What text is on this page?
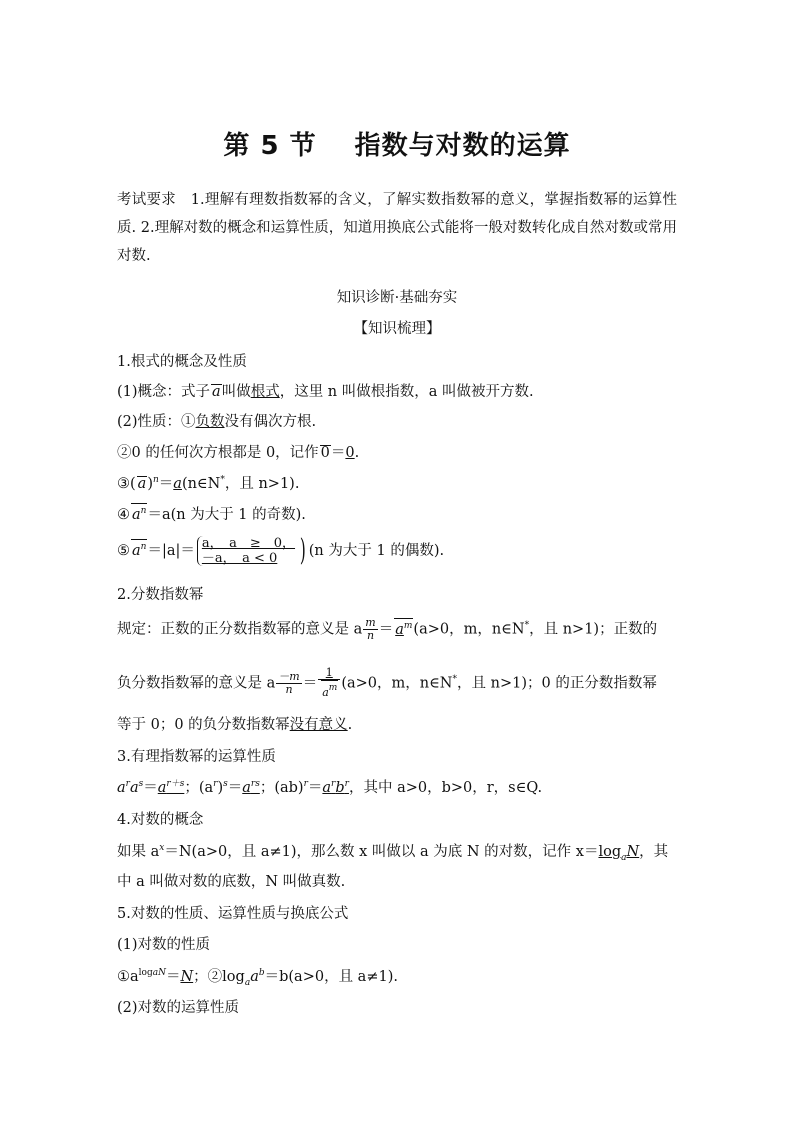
第 5 节 指数与对数的运算
考试要求　1.理解有理数指数幂的含义，了解实数指数幂的意义，掌握指数幂的运算性质. 2.理解对数的概念和运算性质，知道用换底公式能将一般对数转化成自然对数或常用对数.
知识诊断·基础夯实
【知识梳理】
1.根式的概念及性质
(1)概念：式子 a叫做根式，这里 n 叫做根指数，a 叫做被开方数.
(2)性质：①负数没有偶次方根.
②0 的任何次方根都是 0，记作 0＝0.
③( a)$^n$＝a(n∈N*，且 n>1).
④ $a^n=a(n$ 为大于 1 的奇数).
⑤ $a^n=|a|= \frac{a, a \ge 0,}{-a, a < 0}$ ) (n 为大于 1 的偶数).
2.分数指数幂
规定：正数的正分数指数幂的意义是 a $\frac{m}{n} = a^m(a>0$，m，n∈N*，且 n>1)；正数的
负分数指数幂的意义是 a $\frac{-m}{n} = \frac{1}{a^m} (a>0$，m，n∈N*，且 n>1)；0 的正分数指数幂
等于 0；0 的负分数指数幂没有意义.
3.有理指数幂的运算性质
$a^ra^s=a^{r+s}$；$(a^r)^s=a^{rs}$；$(ab)^r=a^rb^r$，其中 a>0，b>0，r，s∈Q.
4.对数的概念
如果 $a^x=N(a>0$，且 a≠1)，那么数 x 叫做以 a 为底 N 的对数，记作 $x=\log_aN$，其
中 a 叫做对数的底数，N 叫做真数.
5.对数的性质、运算性质与换底公式
(1)对数的性质
$①a^{logaN}=N$；$②\log_aa^b=b(a>0$，且 a≠1).
(2)对数的运算性质
